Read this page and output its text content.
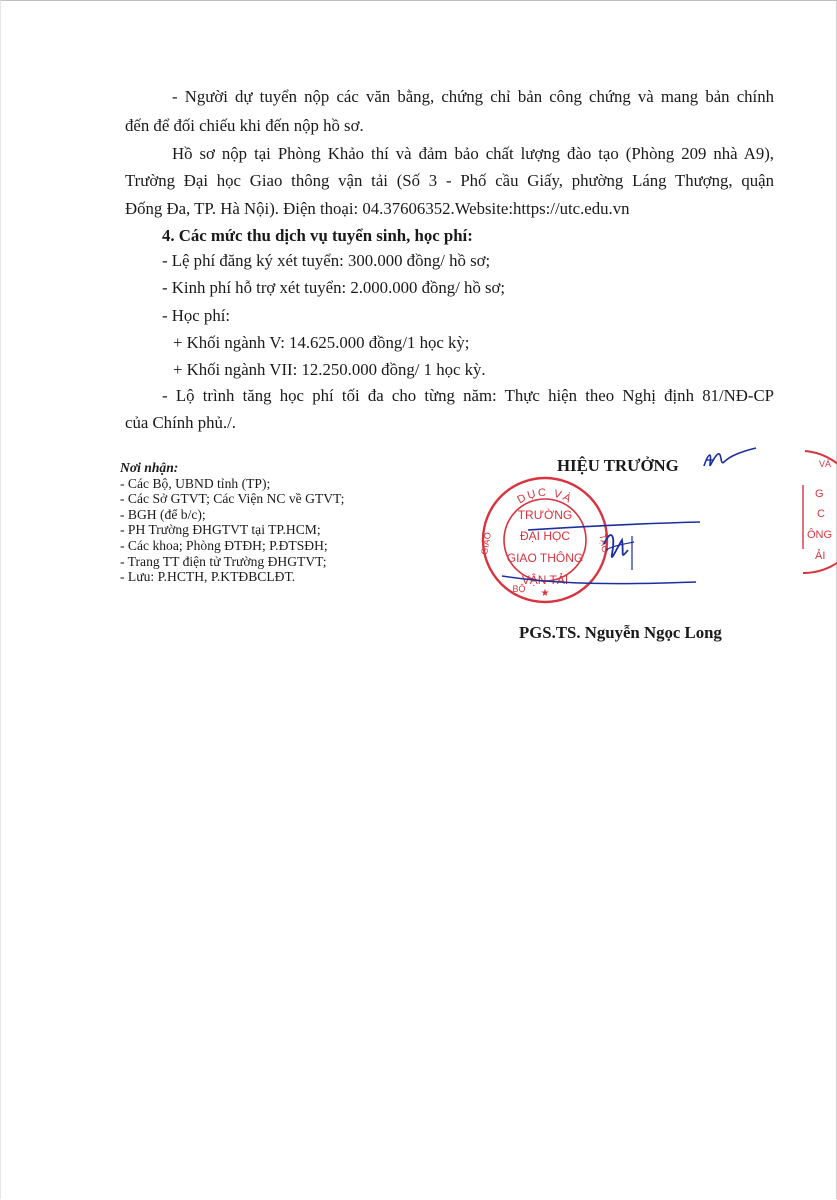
- Người dự tuyển nộp các văn bằng, chứng chỉ bản công chứng và mang bản chính
đến để đối chiếu khi đến nộp hồ sơ.
Hồ sơ nộp tại Phòng Khảo thí và đảm bảo chất lượng đào tạo (Phòng 209 nhà A9),
Trường Đại học Giao thông vận tải (Số 3 - Phố cầu Giấy, phường Láng Thượng, quận
Đống Đa, TP. Hà Nội). Điện thoại: 04.37606352.Website:https://utc.edu.vn
4. Các mức thu dịch vụ tuyển sinh, học phí:
- Lệ phí đăng ký xét tuyển: 300.000 đồng/ hồ sơ;
- Kinh phí hỗ trợ xét tuyển: 2.000.000 đồng/ hồ sơ;
- Học phí:
+ Khối ngành V: 14.625.000 đồng/1 học kỳ;
+ Khối ngành VII: 12.250.000 đồng/ 1 học kỳ.
- Lộ trình tăng học phí tối đa cho từng năm: Thực hiện theo Nghị định 81/NĐ-CP
của Chính phủ./.
Nơi nhận:
- Các Bộ, UBND tỉnh (TP);
- Các Sở GTVT; Các Viện NC về GTVT;
- BGH (để b/c);
- PH Trường ĐHGTVT tại TP.HCM;
- Các khoa; Phòng ĐTĐH; P.ĐTSĐH;
- Trang TT điện tử Trường ĐHGTVT;
- Lưu: P.HCTH, P.KTĐBCLĐT.
HIỆU TRƯỞNG
DỤC VÀ
GIÁO	TẠO
BỘ ★
TRƯỜNG
ĐẠI HỌC
GIAO THÔNG
VẬN TẢI
VÀ
G
C
ÔNG
ẢI
PGS.TS. Nguyễn Ngọc Long
